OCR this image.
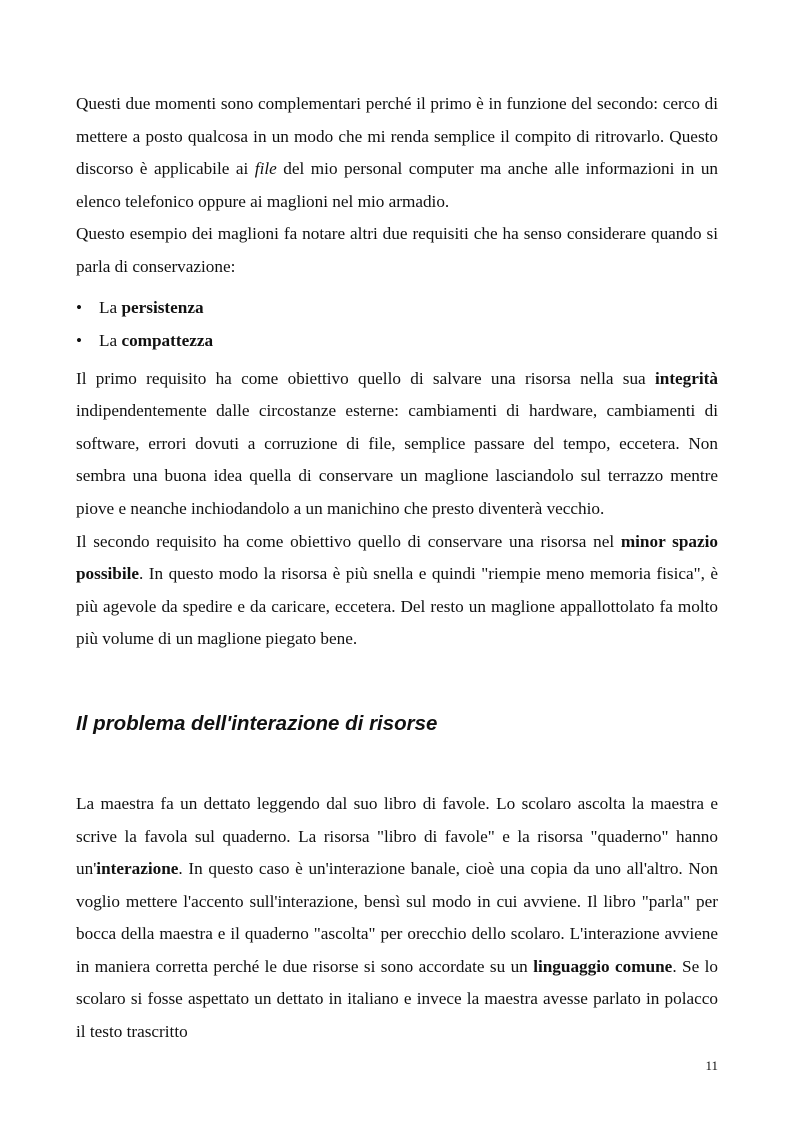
Questi due momenti sono complementari perché il primo è in funzione del secondo: cerco di mettere a posto qualcosa in un modo che mi renda semplice il compito di ritrovarlo. Questo discorso è applicabile ai file del mio personal computer ma anche alle informazioni in un elenco telefonico oppure ai maglioni nel mio armadio.

Questo esempio dei maglioni fa notare altri due requisiti che ha senso considerare quando si parla di conservazione:

• La persistenza
• La compattezza

Il primo requisito ha come obiettivo quello di salvare una risorsa nella sua integrità indipendentemente dalle circostanze esterne: cambiamenti di hardware, cambiamenti di software, errori dovuti a corruzione di file, semplice passare del tempo, eccetera. Non sembra una buona idea quella di conservare un maglione lasciandolo sul terrazzo mentre piove e neanche inchiodandolo a un manichino che presto diventerà vecchio.

Il secondo requisito ha come obiettivo quello di conservare una risorsa nel minor spazio possibile. In questo modo la risorsa è più snella e quindi "riempie meno memoria fisica", è più agevole da spedire e da caricare, eccetera. Del resto un maglione appallottolato fa molto più volume di un maglione piegato bene.

Il problema dell'interazione di risorse

La maestra fa un dettato leggendo dal suo libro di favole. Lo scolaro ascolta la maestra e scrive la favola sul quaderno. La risorsa "libro di favole" e la risorsa "quaderno" hanno un'interazione. In questo caso è un'interazione banale, cioè una copia da uno all'altro. Non voglio mettere l'accento sull'interazione, bensì sul modo in cui avviene. Il libro "parla" per bocca della maestra e il quaderno "ascolta" per orecchio dello scolaro. L'interazione avviene in maniera corretta perché le due risorse si sono accordate su un linguaggio comune. Se lo scolaro si fosse aspettato un dettato in italiano e invece la maestra avesse parlato in polacco il testo trascritto

11
